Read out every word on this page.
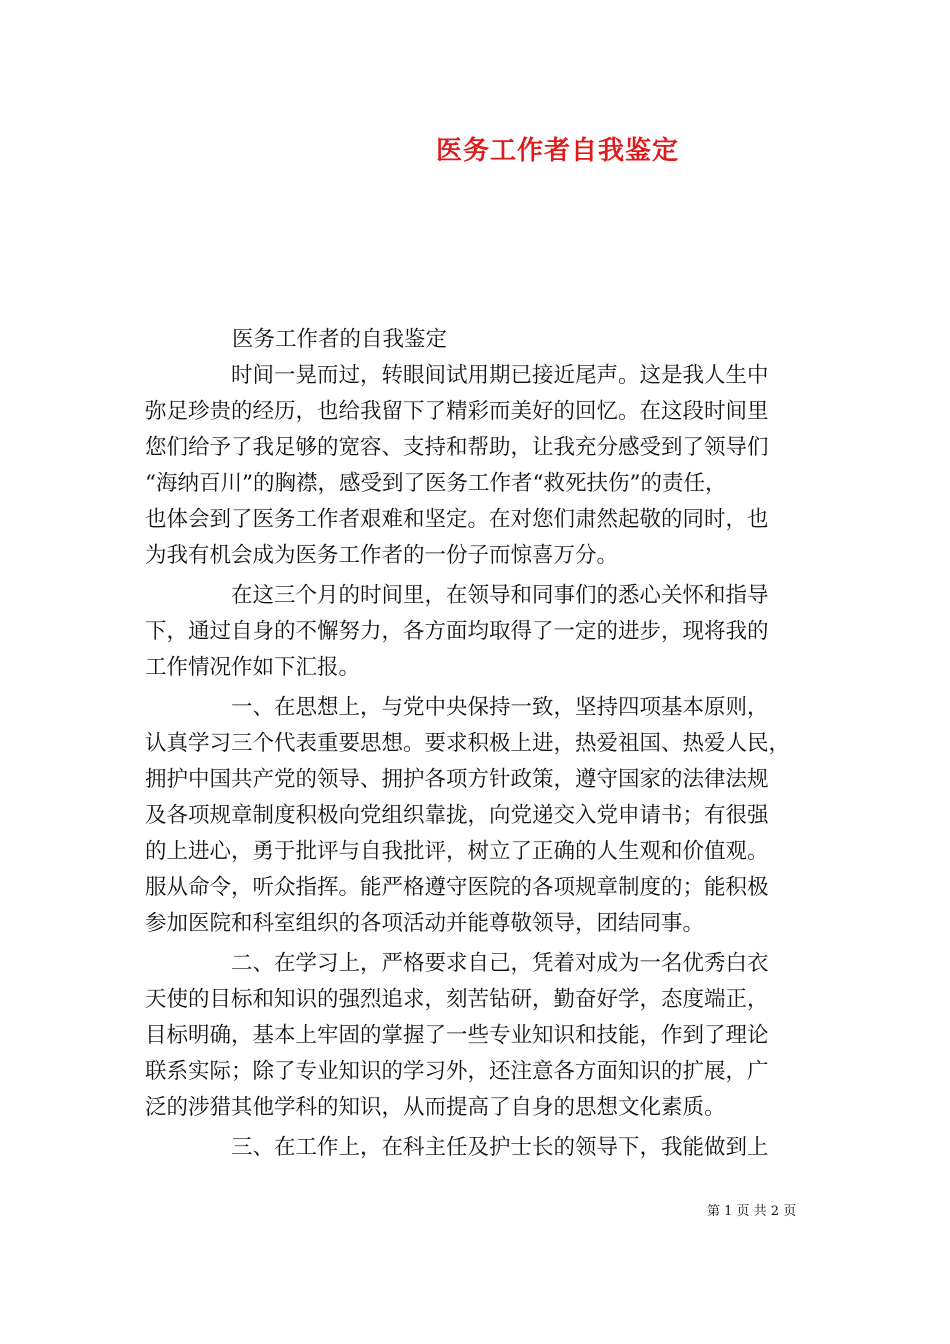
医务工作者自我鉴定
医务工作者的自我鉴定
　　　　时间一晃而过，转眼间试用期已接近尾声。这是我人生中
弥足珍贵的经历，也给我留下了精彩而美好的回忆。在这段时间里
您们给予了我足够的宽容、支持和帮助，让我充分感受到了领导们
“海纳百川”的胸襟，感受到了医务工作者“救死扶伤”的责任，
也体会到了医务工作者艰难和坚定。在对您们肃然起敬的同时，也
为我有机会成为医务工作者的一份子而惊喜万分。
　　　　在这三个月的时间里，在领导和同事们的悉心关怀和指导
下，通过自身的不懈努力，各方面均取得了一定的进步，现将我的
工作情况作如下汇报。
　　　　一、在思想上，与党中央保持一致，坚持四项基本原则，
认真学习三个代表重要思想。要求积极上进，热爱祖国、热爱人民，
拥护中国共产党的领导、拥护各项方针政策，遵守国家的法律法规
及各项规章制度积极向党组织靠拢，向党递交入党申请书；有很强
的上进心，勇于批评与自我批评，树立了正确的人生观和价值观。
服从命令，听众指挥。能严格遵守医院的各项规章制度的；能积极
参加医院和科室组织的各项活动并能尊敬领导，团结同事。
　　　　二、在学习上，严格要求自己，凭着对成为一名优秀白衣
天使的目标和知识的强烈追求，刻苦钻研，勤奋好学，态度端正，
目标明确，基本上牢固的掌握了一些专业知识和技能，作到了理论
联系实际；除了专业知识的学习外，还注意各方面知识的扩展，广
泛的涉猎其他学科的知识，从而提高了自身的思想文化素质。
　　　　三、在工作上，在科主任及护士长的领导下，我能做到上
第 1 页 共 2 页
